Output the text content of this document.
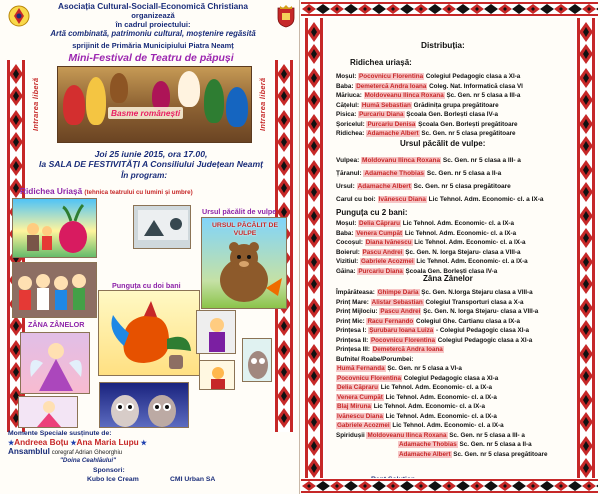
Asociația Cultural-Sociall-Economică Christiana
organizează
în cadrul proiectului:
Artă combinată, patrimoniu cultural, moștenire regăsită
sprijinit de Primăria Municipiului Piatra Neamț
Mini-Festival de Teatru de păpuși
Intrarea liberă	Intrarea liberă
Basme românești
Joi 25 iunie 2015, ora 17.00,
la SALA DE FESTIVITĂȚI A Consiliului Județean Neamț
În program:
Ridichea Uriașă (tehnica teatrului cu lumini și umbre)
Ursul păcălit de vulpe
URSUL PĂCĂLIT DE VULPE
Punguța cu doi bani
ZÂNA ZÂNELOR
Momente Speciale susținute de:
★Andreea Boțu ★Ana Maria Lupu ★
Ansamblul coregraf Adrian Gheorghiu
"Doina Ceahlăului"
Sponsori:
Kubo Ice Cream	CMI Urban SA
Distribuția:
Ridichea uriașă:
Moșul: Pocovnicu Florentina Colegiul Pedagogic clasa a XI-a
Baba: Demetercă Andra Ioana Coleg. Nat. Informatică clasa VI
Măriuca: Moldoveanu Ilinca Roxana Șc. Gen. nr 5 clasa a III-a
Cățelul: Humă Sebastian Grădinița grupa pregătitoare
Pisica: Purcariu Diana Școala Gen. Borlești clasa IV-a
Șoricelul: Purcariu Denisa Școala Gen. Borlești pregătitoare
Ridichea: Adamache Albert Sc. Gen. nr 5 clasa pregătitoare
Ursul păcălit de vulpe:
Vulpea: Moldovanu Ilinca Roxana Sc. Gen. nr 5 clasa a III- a
Țăranul: Adamache Thobias Sc. Gen. nr 5 clasa a II-a
Ursul: Adamache Albert Sc. Gen. nr 5 clasa pregătitoare
Carul cu boi: Ivănescu Diana Lic Tehnol. Adm. Economic- cl. a IX-a
Punguța cu 2 bani:
Moșul: Delia Căpraru Lic Tehnol. Adm. Economic- cl. a IX-a
Baba: Venera Cumpăt Lic Tehnol. Adm. Economic- cl. a IX-a
Cocoșul: Diana Ivănescu Lic Tehnol. Adm. Economic- cl. a IX-a
Boierul: Pascu Andrei Șc. Gen. N. Iorga Stejaru- clasa a VIII-a
Vizitiul: Gabriele Acozmei Lic Tehnol. Adm. Economic- cl. a IX-a
Găina: Purcariu Diana Școala Gen. Borlești clasa IV-a
Zâna Zânelor
Împărăteasa: Ghimpe Daria Șc. Gen. N.Iorga Stejaru clasa a VIII-a
Prinț Mare: Alistar Sebastian Colegiul Transporturi clasa a X-a
Prinț Mijlociu: Pascu Andrei Șc. Gen. N. Iorga Stejaru- clasa a VIII-a
Prinț Mic: Racu Fernando Colegiul Ghe. Cartianu clasa a IX-a
Prințesa I: Șurubaru Ioana Luiza - Colegiul Pedagogic clasa XI-a
Prințesa II: Pocovnicu Florentina Colegiul Pedagogic clasa a XI-a
Prințesa III: Demetercă Andra Ioana
Bufnite/ Roabe/Porumbei:
Humă Fernanda Șc. Gen. nr 5 clasa a VI-a
Pocovnicu Florentina Colegiul Pedagogic clasa a XI-a
Delia Căpraru Lic Tehnol. Adm. Economic- cl. a IX-a
Venera Cumpăt Lic Tehnol. Adm. Economic- cl. a IX-a
Blaj Miruna Lic Tehnol. Adm. Economic- cl. a IX-a
Ivănescu Diana Lic Tehnol. Adm. Economic- cl. a IX-a
Gabriele Acozmei Lic Tehnol. Adm. Economic- cl. a IX-a
Spiridușii Moldoveanu Ilinca Roxana Sc. Gen. nr 5 clasa a III- a
Adamache Thobias Sc. Gen. nr 5 clasa a II-a
Adamache Albert Sc. Gen. nr 5 clasa pregătitoare
